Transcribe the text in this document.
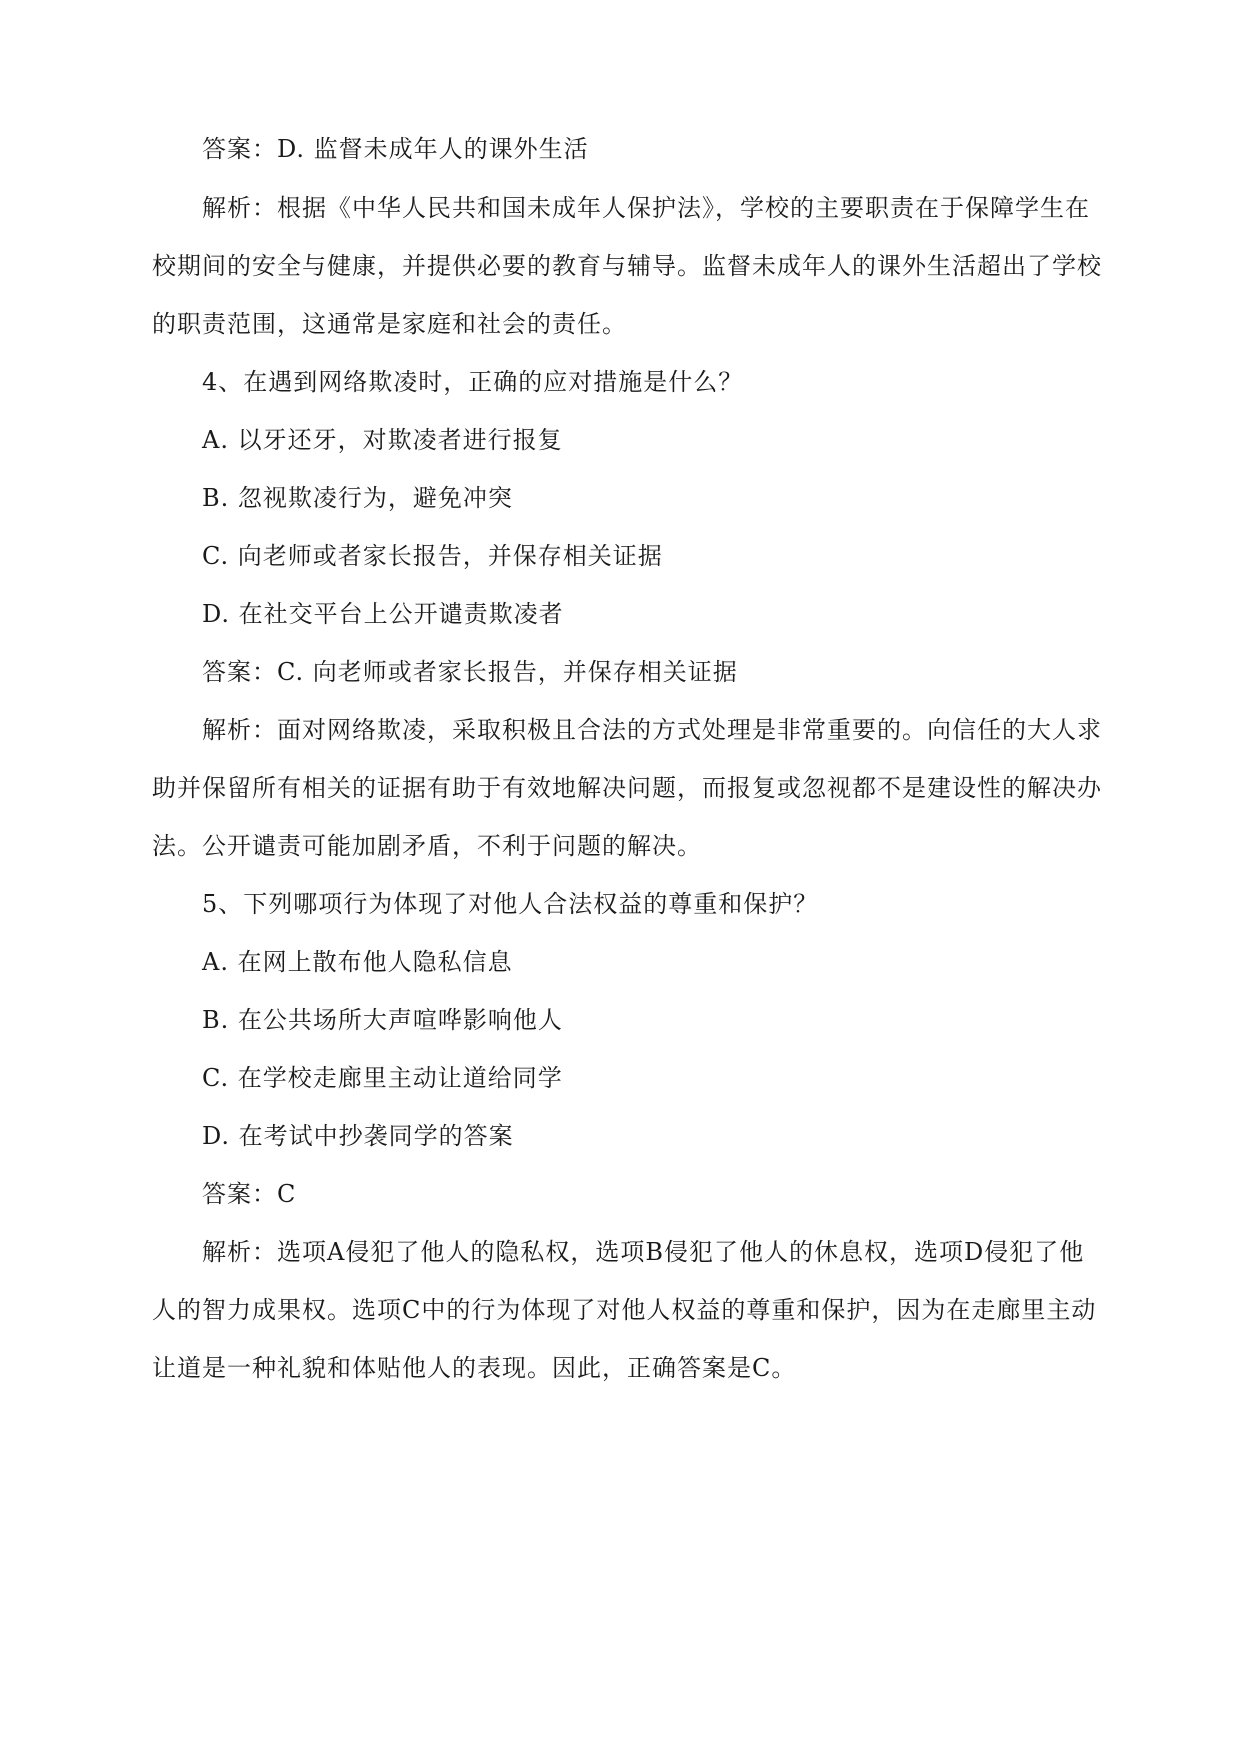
答案：D. 监督未成年人的课外生活
解析：根据《中华人民共和国未成年人保护法》，学校的主要职责在于保障学生在
校期间的安全与健康，并提供必要的教育与辅导。监督未成年人的课外生活超出了学校
的职责范围，这通常是家庭和社会的责任。
4、在遇到网络欺凌时，正确的应对措施是什么？
A. 以牙还牙，对欺凌者进行报复
B. 忽视欺凌行为，避免冲突
C. 向老师或者家长报告，并保存相关证据
D. 在社交平台上公开谴责欺凌者
答案：C. 向老师或者家长报告，并保存相关证据
解析：面对网络欺凌，采取积极且合法的方式处理是非常重要的。向信任的大人求
助并保留所有相关的证据有助于有效地解决问题，而报复或忽视都不是建设性的解决办
法。公开谴责可能加剧矛盾，不利于问题的解决。
5、下列哪项行为体现了对他人合法权益的尊重和保护？
A. 在网上散布他人隐私信息
B. 在公共场所大声喧哗影响他人
C. 在学校走廊里主动让道给同学
D. 在考试中抄袭同学的答案
答案：C
解析：选项A侵犯了他人的隐私权，选项B侵犯了他人的休息权，选项D侵犯了他
人的智力成果权。选项C中的行为体现了对他人权益的尊重和保护，因为在走廊里主动
让道是一种礼貌和体贴他人的表现。因此，正确答案是C。
